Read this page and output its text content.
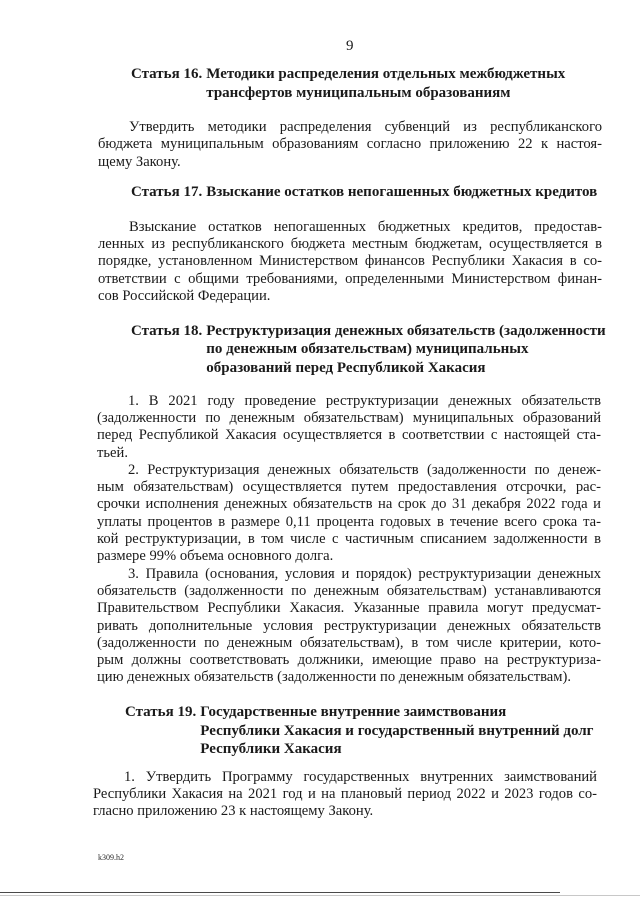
9
Статья 16. Методики распределения отдельных межбюджетных
трансфертов муниципальным образованиям
Утвердить методики распределения субвенций из республиканского
бюджета муниципальным образованиям согласно приложению 22 к настоя-
щему Закону.
Статья 17. Взыскание остатков непогашенных бюджетных кредитов
Взыскание остатков непогашенных бюджетных кредитов, предостав-
ленных из республиканского бюджета местным бюджетам, осуществляется в
порядке, установленном Министерством финансов Республики Хакасия в со-
ответствии с общими требованиями, определенными Министерством финан-
сов Российской Федерации.
Статья 18. Реструктуризация денежных обязательств (задолженности
по денежным обязательствам) муниципальных
образований перед Республикой Хакасия
1. В 2021 году проведение реструктуризации денежных обязательств
(задолженности по денежным обязательствам) муниципальных образований
перед Республикой Хакасия осуществляется в соответствии с настоящей ста-
тьей.
2. Реструктуризация денежных обязательств (задолженности по денеж-
ным обязательствам) осуществляется путем предоставления отсрочки, рас-
срочки исполнения денежных обязательств на срок до 31 декабря 2022 года и
уплаты процентов в размере 0,11 процента годовых в течение всего срока та-
кой реструктуризации, в том числе с частичным списанием задолженности в
размере 99% объема основного долга.
3. Правила (основания, условия и порядок) реструктуризации денежных
обязательств (задолженности по денежным обязательствам) устанавливаются
Правительством Республики Хакасия. Указанные правила могут предусмат-
ривать дополнительные условия реструктуризации денежных обязательств
(задолженности по денежным обязательствам), в том числе критерии, кото-
рым должны соответствовать должники, имеющие право на реструктуриза-
цию денежных обязательств (задолженности по денежным обязательствам).
Статья 19. Государственные внутренние заимствования
Республики Хакасия и государственный внутренний долг
Республики Хакасия
1. Утвердить Программу государственных внутренних заимствований
Республики Хакасия на 2021 год и на плановый период 2022 и 2023 годов со-
гласно приложению 23 к настоящему Закону.
k309.h2
